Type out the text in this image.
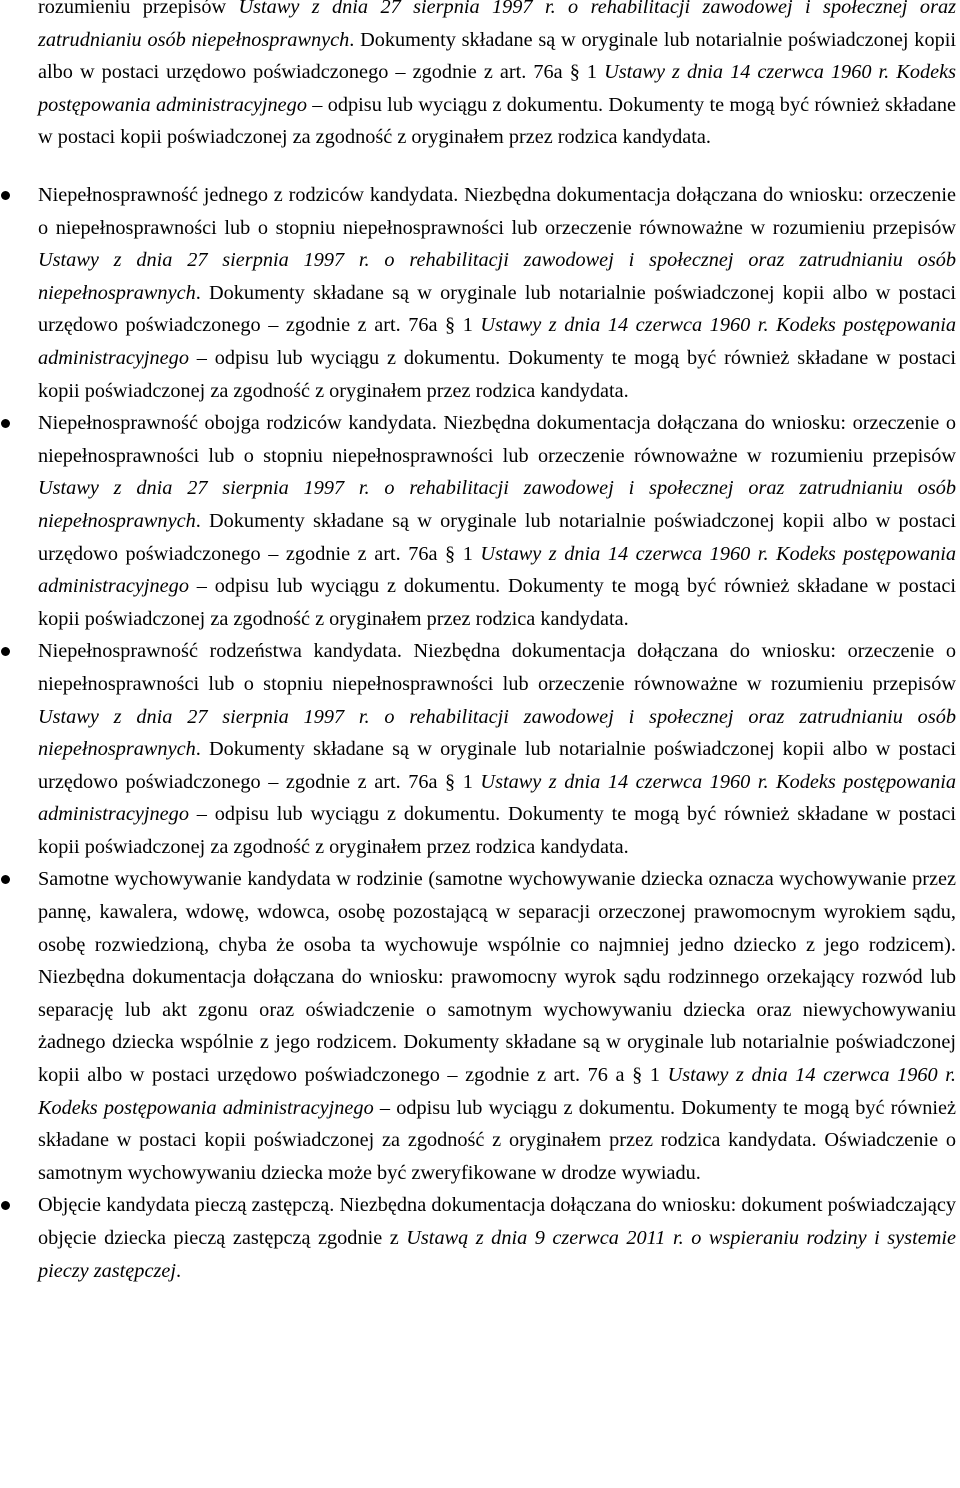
rozumieniu przepisów Ustawy z dnia 27 sierpnia 1997 r. o rehabilitacji zawodowej i społecznej oraz zatrudnianiu osób niepełnosprawnych. Dokumenty składane są w oryginale lub notarialnie poświadczonej kopii albo w postaci urzędowo poświadczonego – zgodnie z art. 76a § 1 Ustawy z dnia 14 czerwca 1960 r. Kodeks postępowania administracyjnego – odpisu lub wyciągu z dokumentu. Dokumenty te mogą być również składane w postaci kopii poświadczonej za zgodność z oryginałem przez rodzica kandydata.

Niepełnosprawność jednego z rodziców kandydata. Niezbędna dokumentacja dołączana do wniosku: orzeczenie o niepełnosprawności lub o stopniu niepełnosprawności lub orzeczenie równoważne w rozumieniu przepisów Ustawy z dnia 27 sierpnia 1997 r. o rehabilitacji zawodowej i społecznej oraz zatrudnianiu osób niepełnosprawnych. Dokumenty składane są w oryginale lub notarialnie poświadczonej kopii albo w postaci urzędowo poświadczonego – zgodnie z art. 76a § 1 Ustawy z dnia 14 czerwca 1960 r. Kodeks postępowania administracyjnego – odpisu lub wyciągu z dokumentu. Dokumenty te mogą być również składane w postaci kopii poświadczonej za zgodność z oryginałem przez rodzica kandydata.
Niepełnosprawność obojga rodziców kandydata. Niezbędna dokumentacja dołączana do wniosku: orzeczenie o niepełnosprawności lub o stopniu niepełnosprawności lub orzeczenie równoważne w rozumieniu przepisów Ustawy z dnia 27 sierpnia 1997 r. o rehabilitacji zawodowej i społecznej oraz zatrudnianiu osób niepełnosprawnych. Dokumenty składane są w oryginale lub notarialnie poświadczonej kopii albo w postaci urzędowo poświadczonego – zgodnie z art. 76a § 1 Ustawy z dnia 14 czerwca 1960 r. Kodeks postępowania administracyjnego – odpisu lub wyciągu z dokumentu. Dokumenty te mogą być również składane w postaci kopii poświadczonej za zgodność z oryginałem przez rodzica kandydata.
Niepełnosprawność rodzeństwa kandydata. Niezbędna dokumentacja dołączana do wniosku: orzeczenie o niepełnosprawności lub o stopniu niepełnosprawności lub orzeczenie równoważne w rozumieniu przepisów Ustawy z dnia 27 sierpnia 1997 r. o rehabilitacji zawodowej i społecznej oraz zatrudnianiu osób niepełnosprawnych. Dokumenty składane są w oryginale lub notarialnie poświadczonej kopii albo w postaci urzędowo poświadczonego – zgodnie z art. 76a § 1 Ustawy z dnia 14 czerwca 1960 r. Kodeks postępowania administracyjnego – odpisu lub wyciągu z dokumentu. Dokumenty te mogą być również składane w postaci kopii poświadczonej za zgodność z oryginałem przez rodzica kandydata.
Samotne wychowywanie kandydata w rodzinie (samotne wychowywanie dziecka oznacza wychowywanie przez pannę, kawalera, wdowę, wdowca, osobę pozostającą w separacji orzeczonej prawomocnym wyrokiem sądu, osobę rozwiedzioną, chyba że osoba ta wychowuje wspólnie co najmniej jedno dziecko z jego rodzicem). Niezbędna dokumentacja dołączana do wniosku: prawomocny wyrok sądu rodzinnego orzekający rozwód lub separację lub akt zgonu oraz oświadczenie o samotnym wychowywaniu dziecka oraz niewychowywaniu żadnego dziecka wspólnie z jego rodzicem. Dokumenty składane są w oryginale lub notarialnie poświadczonej kopii albo w postaci urzędowo poświadczonego – zgodnie z art. 76 a § 1 Ustawy z dnia 14 czerwca 1960 r. Kodeks postępowania administracyjnego – odpisu lub wyciągu z dokumentu. Dokumenty te mogą być również składane w postaci kopii poświadczonej za zgodność z oryginałem przez rodzica kandydata. Oświadczenie o samotnym wychowywaniu dziecka może być zweryfikowane w drodze wywiadu.
Objęcie kandydata pieczą zastępczą. Niezbędna dokumentacja dołączana do wniosku: dokument poświadczający objęcie dziecka pieczą zastępczą zgodnie z Ustawą z dnia 9 czerwca 2011 r. o wspieraniu rodziny i systemie pieczy zastępczej.
